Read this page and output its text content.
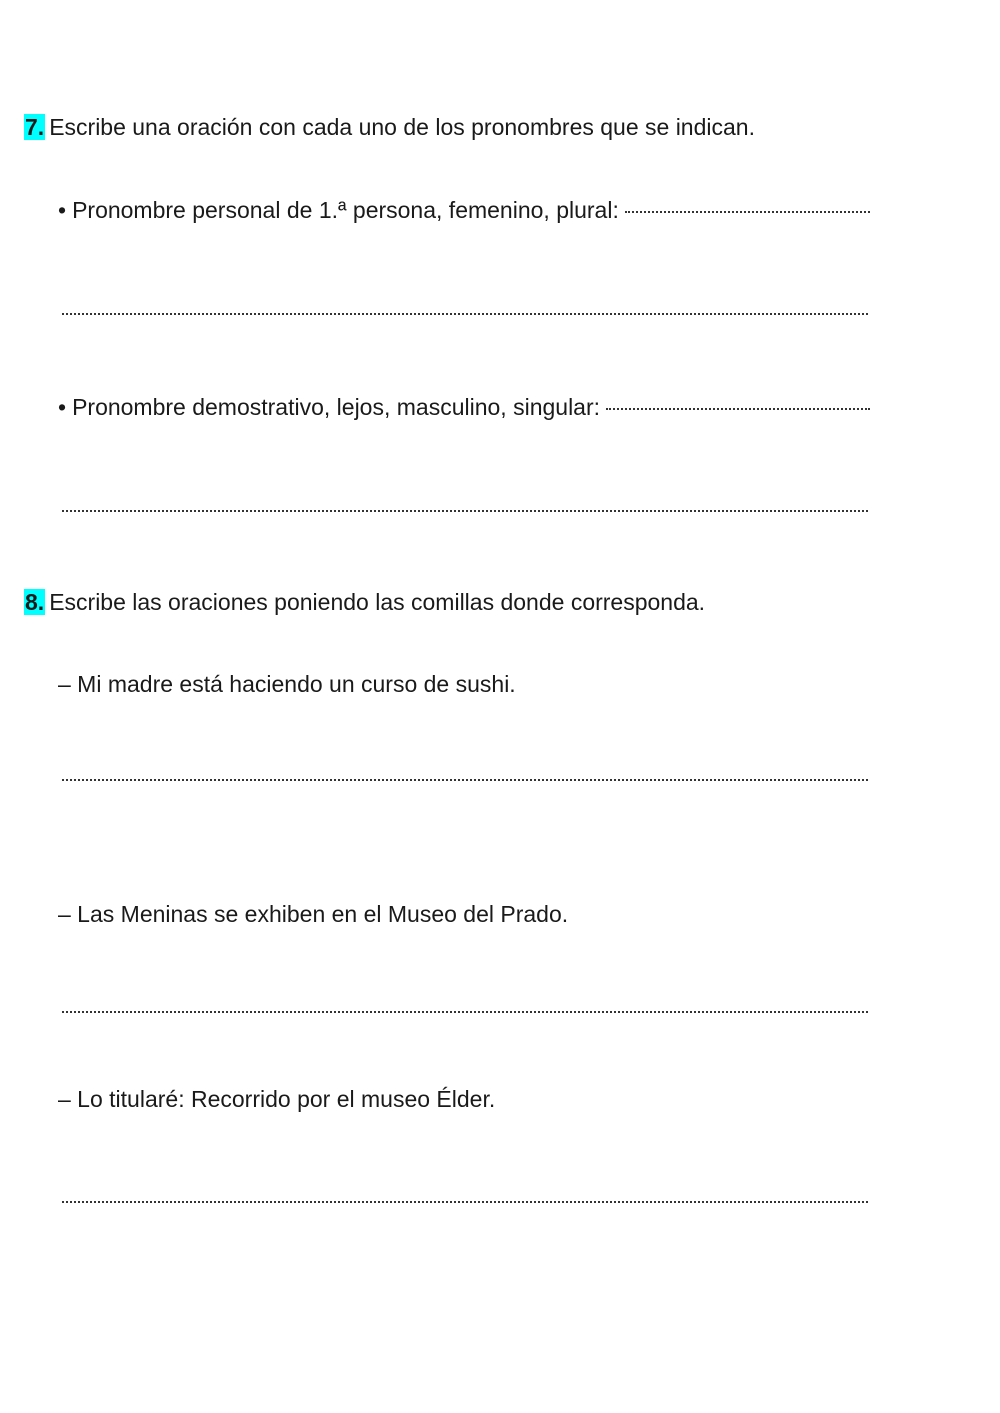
7. Escribe una oración con cada uno de los pronombres que se indican.
• Pronombre personal de 1.ª persona, femenino, plural:
• Pronombre demostrativo, lejos, masculino, singular:
8. Escribe las oraciones poniendo las comillas donde corresponda.
– Mi madre está haciendo un curso de sushi.
– Las Meninas se exhiben en el Museo del Prado.
– Lo titularé: Recorrido por el museo Élder.
